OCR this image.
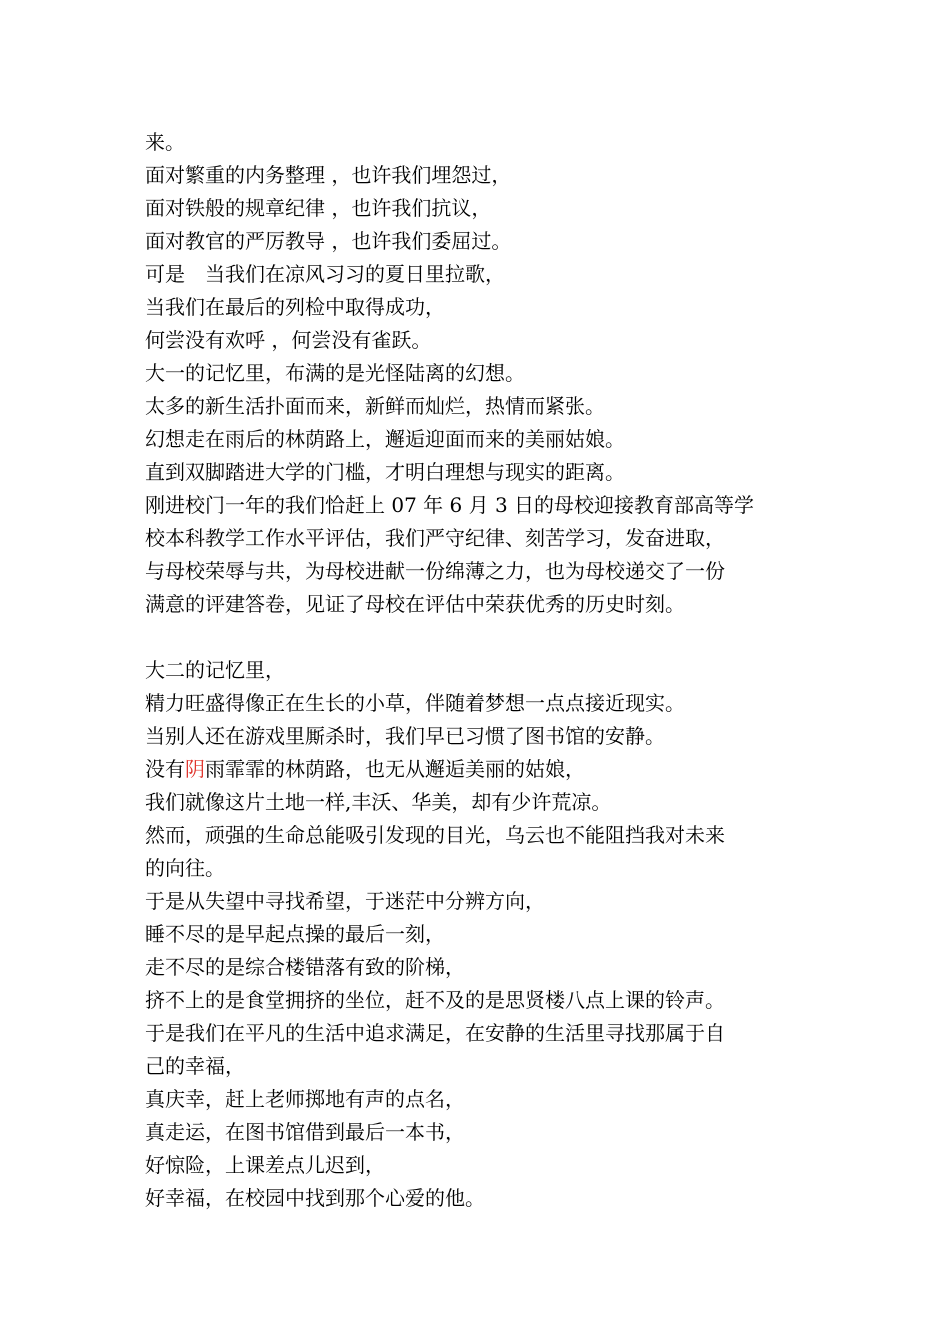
来。
面对繁重的内务整理 ，也许我们埋怨过，
面对铁般的规章纪律 ，也许我们抗议，
面对教官的严厉教导 ，也许我们委屈过。
可是　当我们在凉风习习的夏日里拉歌，
当我们在最后的列检中取得成功，
何尝没有欢呼 ，何尝没有雀跃。
大一的记忆里，布满的是光怪陆离的幻想。
太多的新生活扑面而来，新鲜而灿烂，热情而紧张。
幻想走在雨后的林荫路上，邂逅迎面而来的美丽姑娘。
直到双脚踏进大学的门槛，才明白理想与现实的距离。
刚进校门一年的我们恰赶上 07 年 6 月 3 日的母校迎接教育部高等学
校本科教学工作水平评估，我们严守纪律、刻苦学习，发奋进取，
与母校荣辱与共，为母校进献一份绵薄之力，也为母校递交了一份
满意的评建答卷，见证了母校在评估中荣获优秀的历史时刻。
大二的记忆里，
精力旺盛得像正在生长的小草，伴随着梦想一点点接近现实。
当别人还在游戏里厮杀时，我们早已习惯了图书馆的安静。
没有阴雨霏霏的林荫路，也无从邂逅美丽的姑娘，
我们就像这片土地一样,丰沃、华美，却有少许荒凉。
然而，顽强的生命总能吸引发现的目光，乌云也不能阻挡我对未来
的向往。
于是从失望中寻找希望，于迷茫中分辨方向，
睡不尽的是早起点操的最后一刻，
走不尽的是综合楼错落有致的阶梯，
挤不上的是食堂拥挤的坐位，赶不及的是思贤楼八点上课的铃声。
于是我们在平凡的生活中追求满足，在安静的生活里寻找那属于自
己的幸福，
真庆幸，赶上老师掷地有声的点名，
真走运，在图书馆借到最后一本书，
好惊险，上课差点儿迟到，
好幸福，在校园中找到那个心爱的他。
